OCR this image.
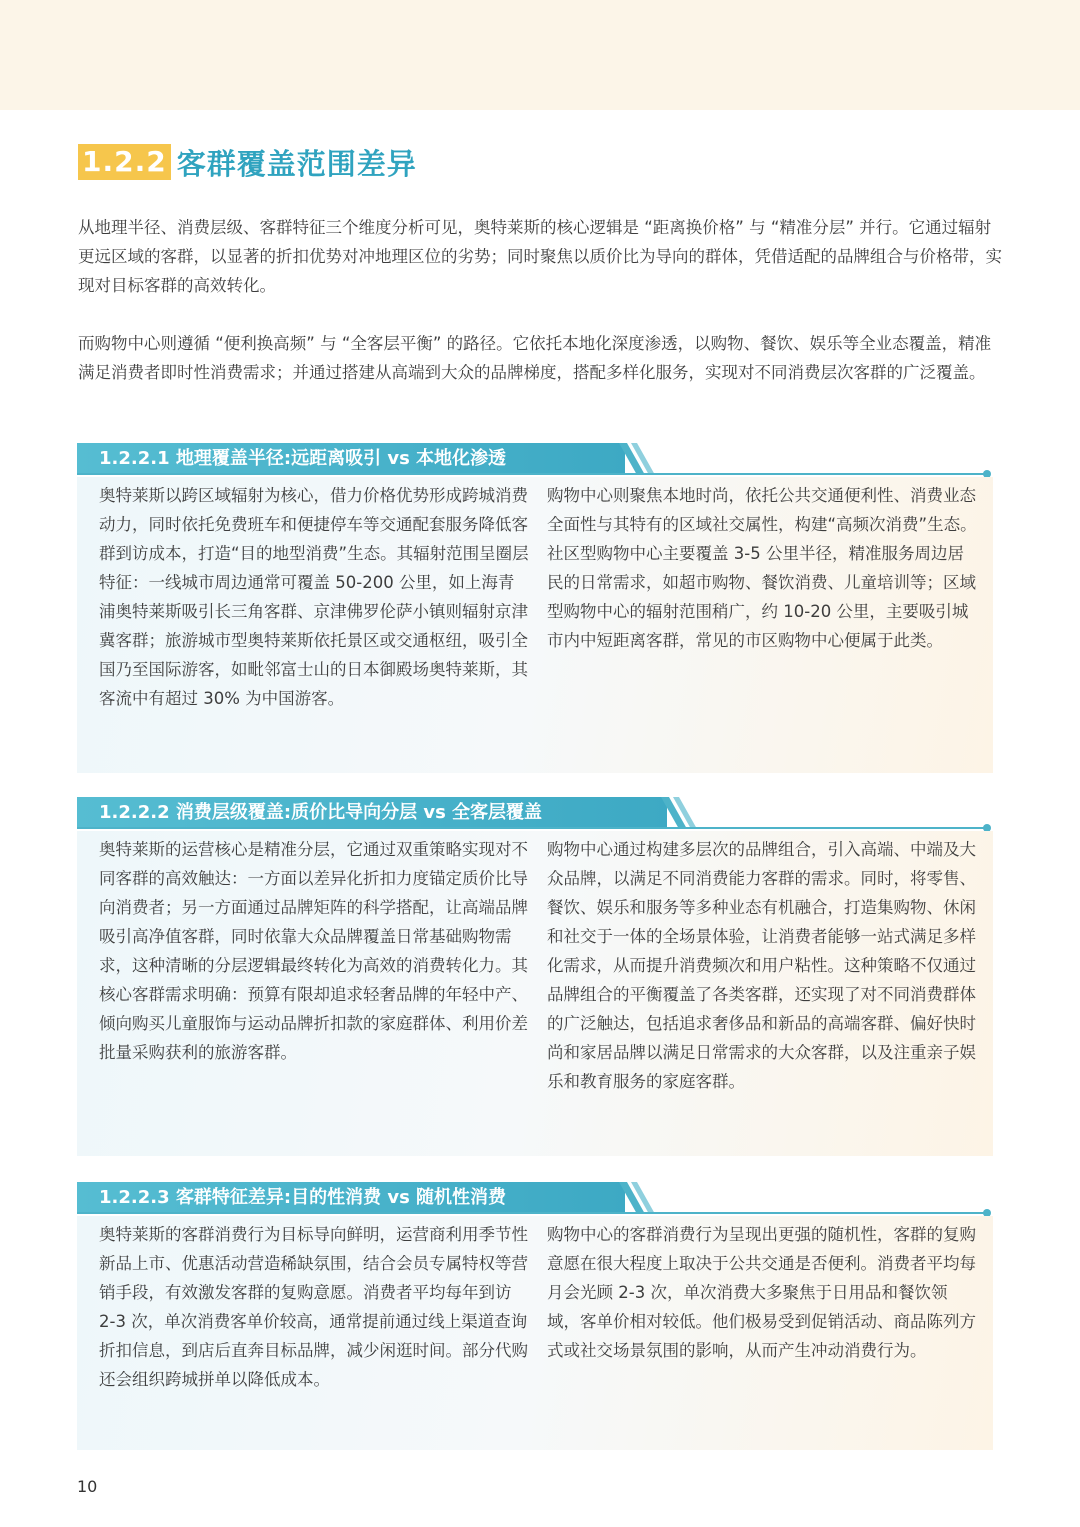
1.2.2 客群覆盖范围差异

从地理半径、消费层级、客群特征三个维度分析可见，奥特莱斯的核心逻辑是 “距离换价格” 与 “精准分层” 并行。它通过辐射更远区域的客群，以显著的折扣优势对冲地理区位的劣势；同时聚焦以质价比为导向的群体，凭借适配的品牌组合与价格带，实现对目标客群的高效转化。

而购物中心则遵循 “便利换高频” 与 “全客层平衡” 的路径。它依托本地化深度渗透，以购物、餐饮、娱乐等全业态覆盖，精准满足消费者即时性消费需求；并通过搭建从高端到大众的品牌梯度，搭配多样化服务，实现对不同消费层次客群的广泛覆盖。

1.2.2.1 地理覆盖半径:远距离吸引 vs 本地化渗透

奥特莱斯以跨区域辐射为核心，借力价格优势形成跨城消费动力，同时依托免费班车和便捷停车等交通配套服务降低客群到访成本，打造“目的地型消费”生态。其辐射范围呈圈层特征：一线城市周边通常可覆盖 50-200 公里，如上海青浦奥特莱斯吸引长三角客群、京津佛罗伦萨小镇则辐射京津冀客群；旅游城市型奥特莱斯依托景区或交通枢纽，吸引全国乃至国际游客，如毗邻富士山的日本御殿场奥特莱斯，其客流中有超过 30% 为中国游客。

购物中心则聚焦本地时尚，依托公共交通便利性、消费业态全面性与其特有的区域社交属性，构建“高频次消费”生态。社区型购物中心主要覆盖 3-5 公里半径，精准服务周边居民的日常需求，如超市购物、餐饮消费、儿童培训等；区域型购物中心的辐射范围稍广，约 10-20 公里，主要吸引城市内中短距离客群，常见的市区购物中心便属于此类。

1.2.2.2 消费层级覆盖:质价比导向分层 vs 全客层覆盖

奥特莱斯的运营核心是精准分层，它通过双重策略实现对不同客群的高效触达：一方面以差异化折扣力度锚定质价比导向消费者；另一方面通过品牌矩阵的科学搭配，让高端品牌吸引高净值客群，同时依靠大众品牌覆盖日常基础购物需求，这种清晰的分层逻辑最终转化为高效的消费转化力。其核心客群需求明确：预算有限却追求轻奢品牌的年轻中产、倾向购买儿童服饰与运动品牌折扣款的家庭群体、利用价差批量采购获利的旅游客群。

购物中心通过构建多层次的品牌组合，引入高端、中端及大众品牌，以满足不同消费能力客群的需求。同时，将零售、餐饮、娱乐和服务等多种业态有机融合，打造集购物、休闲和社交于一体的全场景体验，让消费者能够一站式满足多样化需求，从而提升消费频次和用户粘性。这种策略不仅通过品牌组合的平衡覆盖了各类客群，还实现了对不同消费群体的广泛触达，包括追求奢侈品和新品的高端客群、偏好快时尚和家居品牌以满足日常需求的大众客群，以及注重亲子娱乐和教育服务的家庭客群。

1.2.2.3 客群特征差异:目的性消费 vs 随机性消费

奥特莱斯的客群消费行为目标导向鲜明，运营商利用季节性新品上市、优惠活动营造稀缺氛围，结合会员专属特权等营销手段，有效激发客群的复购意愿。消费者平均每年到访 2-3 次，单次消费客单价较高，通常提前通过线上渠道查询折扣信息，到店后直奔目标品牌，减少闲逛时间。部分代购还会组织跨城拼单以降低成本。

购物中心的客群消费行为呈现出更强的随机性，客群的复购意愿在很大程度上取决于公共交通是否便利。消费者平均每月会光顾 2-3 次，单次消费大多聚焦于日用品和餐饮领域，客单价相对较低。他们极易受到促销活动、商品陈列方式或社交场景氛围的影响，从而产生冲动消费行为。

10
